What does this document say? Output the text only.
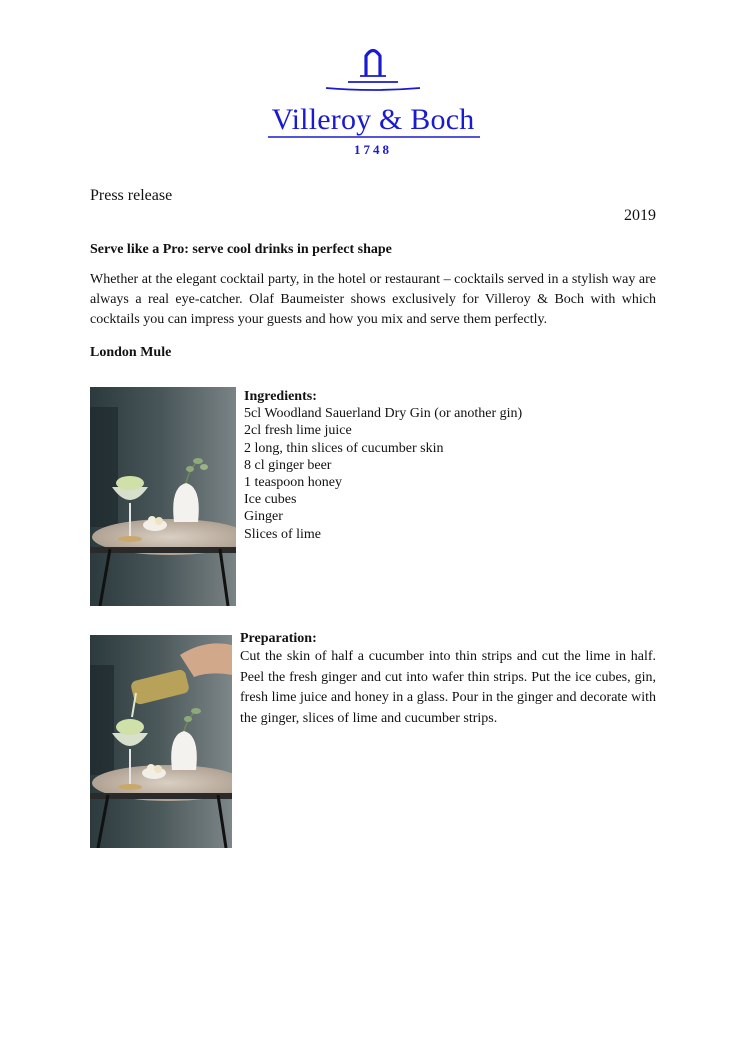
Villeroy & Boch
1748
Press release
2019
Serve like a Pro: serve cool drinks in perfect shape

Whether at the elegant cocktail party, in the hotel or restaurant – cocktails served in a stylish way are always a real eye-catcher. Olaf Baumeister shows exclusively for Villeroy & Boch with which cocktails you can impress your guests and how you mix and serve them perfectly.

London Mule
Ingredients:
5cl Woodland Sauerland Dry Gin (or another gin)
2cl fresh lime juice
2 long, thin slices of cucumber skin
8 cl ginger beer
1 teaspoon honey
Ice cubes
Ginger
Slices of lime
Preparation:

Cut the skin of half a cucumber into thin strips and cut the lime in half. Peel the fresh ginger and cut into wafer thin strips. Put the ice cubes, gin, fresh lime juice and honey in a glass. Pour in the ginger and decorate with the ginger, slices of lime and cucumber strips.
